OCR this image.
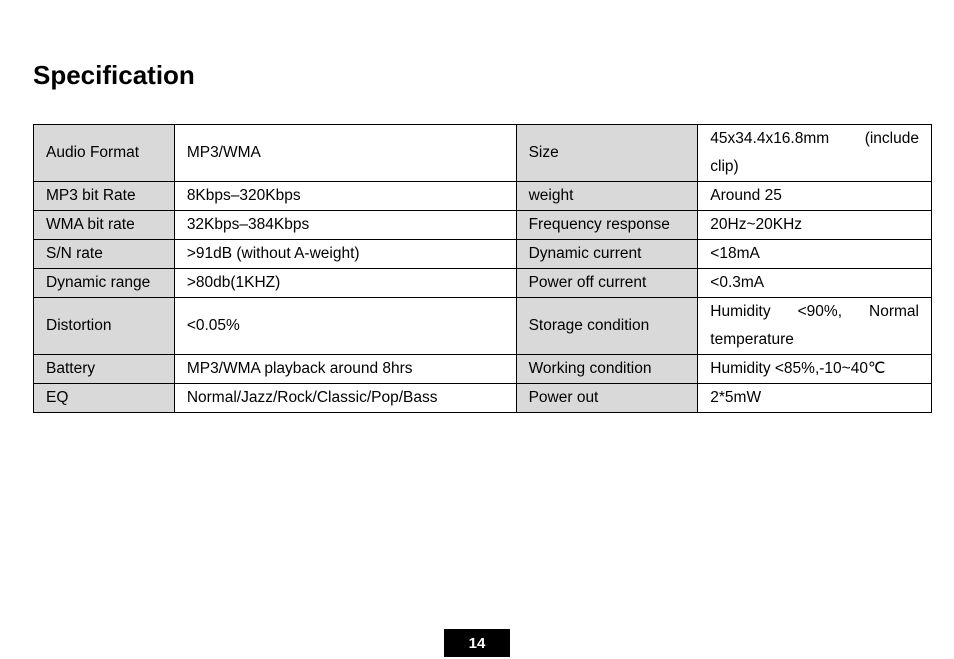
Specification
Audio Format	MP3/WMA	Size	45x34.4x16.8mm (include clip)
MP3 bit Rate	8Kbps–320Kbps	weight	Around 25
WMA bit rate	32Kbps–384Kbps	Frequency response	20Hz~20KHz
S/N rate	>91dB (without A-weight)	Dynamic current	<18mA
Dynamic range	>80db(1KHZ)	Power off current	<0.3mA
Distortion	<0.05%	Storage condition	Humidity <90%, Normal temperature
Battery	MP3/WMA playback around 8hrs	Working condition	Humidity <85%,-10~40℃
EQ	Normal/Jazz/Rock/Classic/Pop/Bass	Power out	2*5mW
14
